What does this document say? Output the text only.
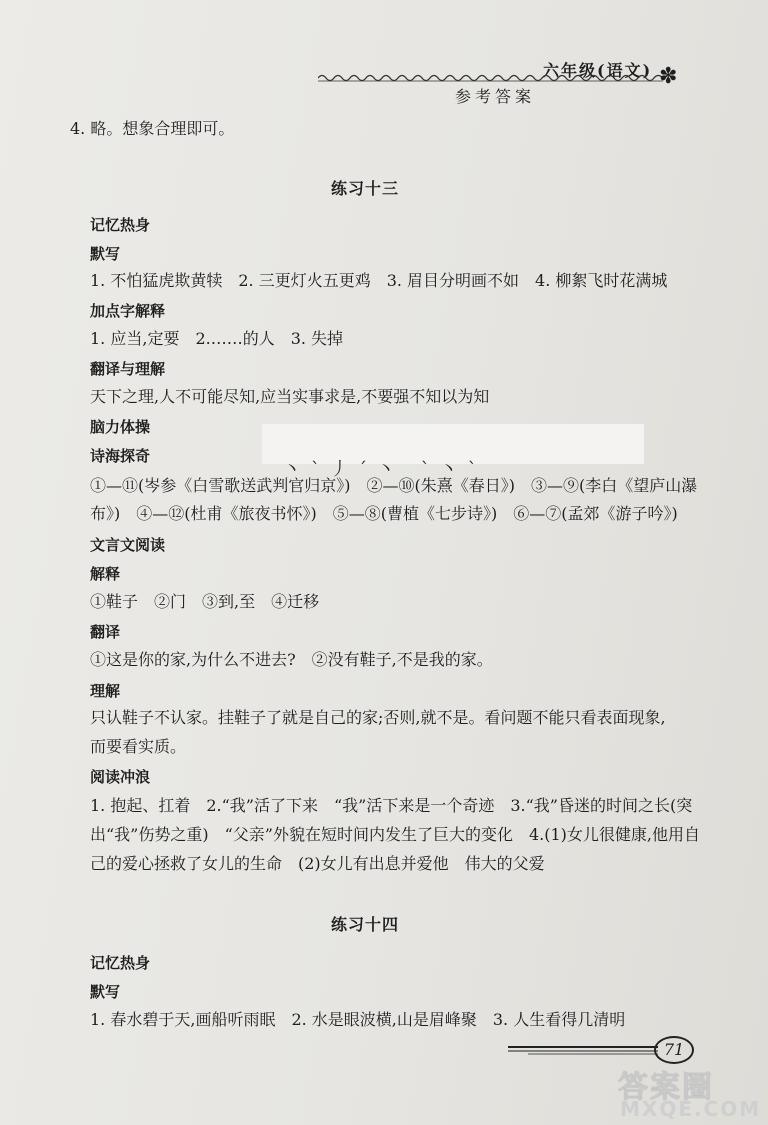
六年级(语文) ✽
参考答案
4. 略。想象合理即可。
练习十三
记忆热身
默写
1. 不怕猛虎欺黄犊　2. 三更灯火五更鸡　3. 眉目分明画不如　4. 柳絮飞时花满城
加点字解释
1. 应当,定要　2.……的人　3. 失掉
翻译与理解
天下之理,人不可能尽知,应当实事求是,不要强不知以为知
脑力体操
丶ˋ丿ˊ丶 ˋ丶ˋ
诗海探奇
①—⑪(岑参《白雪歌送武判官归京》)　②—⑩(朱熹《春日》)　③—⑨(李白《望庐山瀑
布》)　④—⑫(杜甫《旅夜书怀》)　⑤—⑧(曹植《七步诗》)　⑥—⑦(孟郊《游子吟》)
文言文阅读
解释
①鞋子　②门　③到,至　④迁移
翻译
①这是你的家,为什么不进去?　②没有鞋子,不是我的家。
理解
只认鞋子不认家。挂鞋子了就是自己的家;否则,就不是。看问题不能只看表面现象,
而要看实质。
阅读冲浪
1. 抱起、扛着　2.“我”活了下来　“我”活下来是一个奇迹　3.“我”昏迷的时间之长(突
出“我”伤势之重)　“父亲”外貌在短时间内发生了巨大的变化　4.(1)女儿很健康,他用自
己的爱心拯救了女儿的生命　(2)女儿有出息并爱他　伟大的父爱
练习十四
记忆热身
默写
1. 春水碧于天,画船听雨眠　2. 水是眼波横,山是眉峰聚　3. 人生看得几清明
71
答案圈
MXQE.COM
